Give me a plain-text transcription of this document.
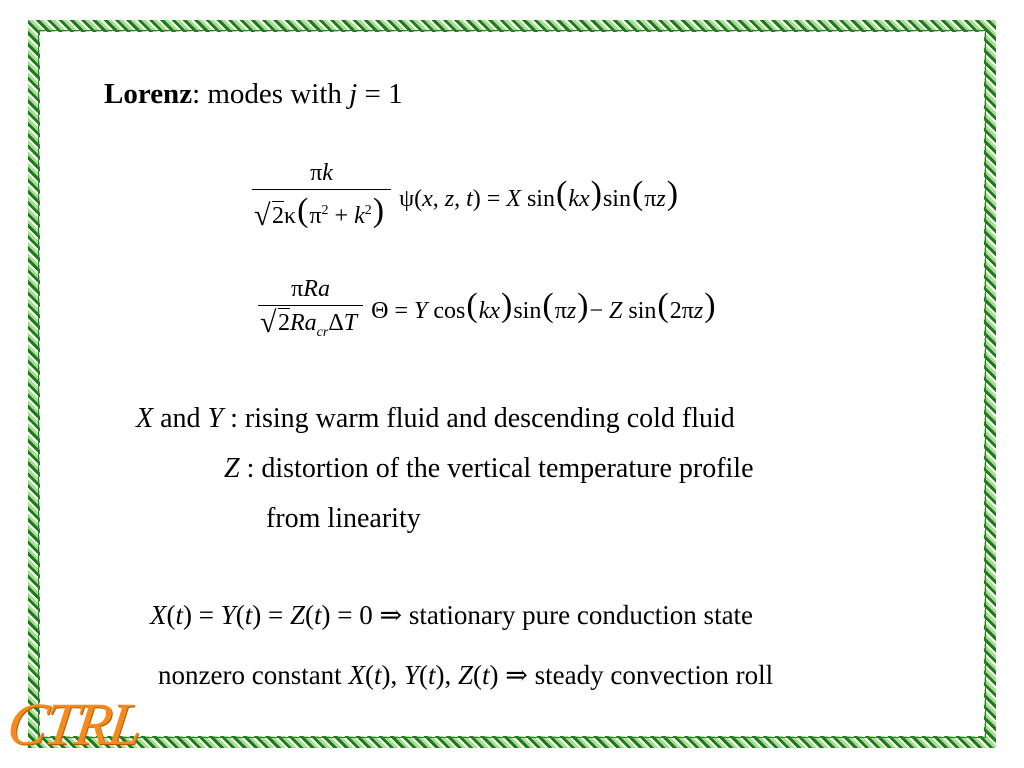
Lorenz: modes with j = 1
πk
√ $2\kappa(\pi^2 + k^2)$ ψ(x, z, t) = X sin(kx)sin(πz)
πRa
√ $2Ra_{cr}\Delta T$ Θ = Y cos(kx)sin(πz)− Z sin(2πz)
X and Y : rising warm fluid and descending cold fluid
Z : distortion of the vertical temperature profile
from linearity
X(t) = Y(t) = Z(t) = 0 ⇒ stationary pure conduction state
nonzero constant X(t), Y(t), Z(t) ⇒ steady convection roll
CTRL
